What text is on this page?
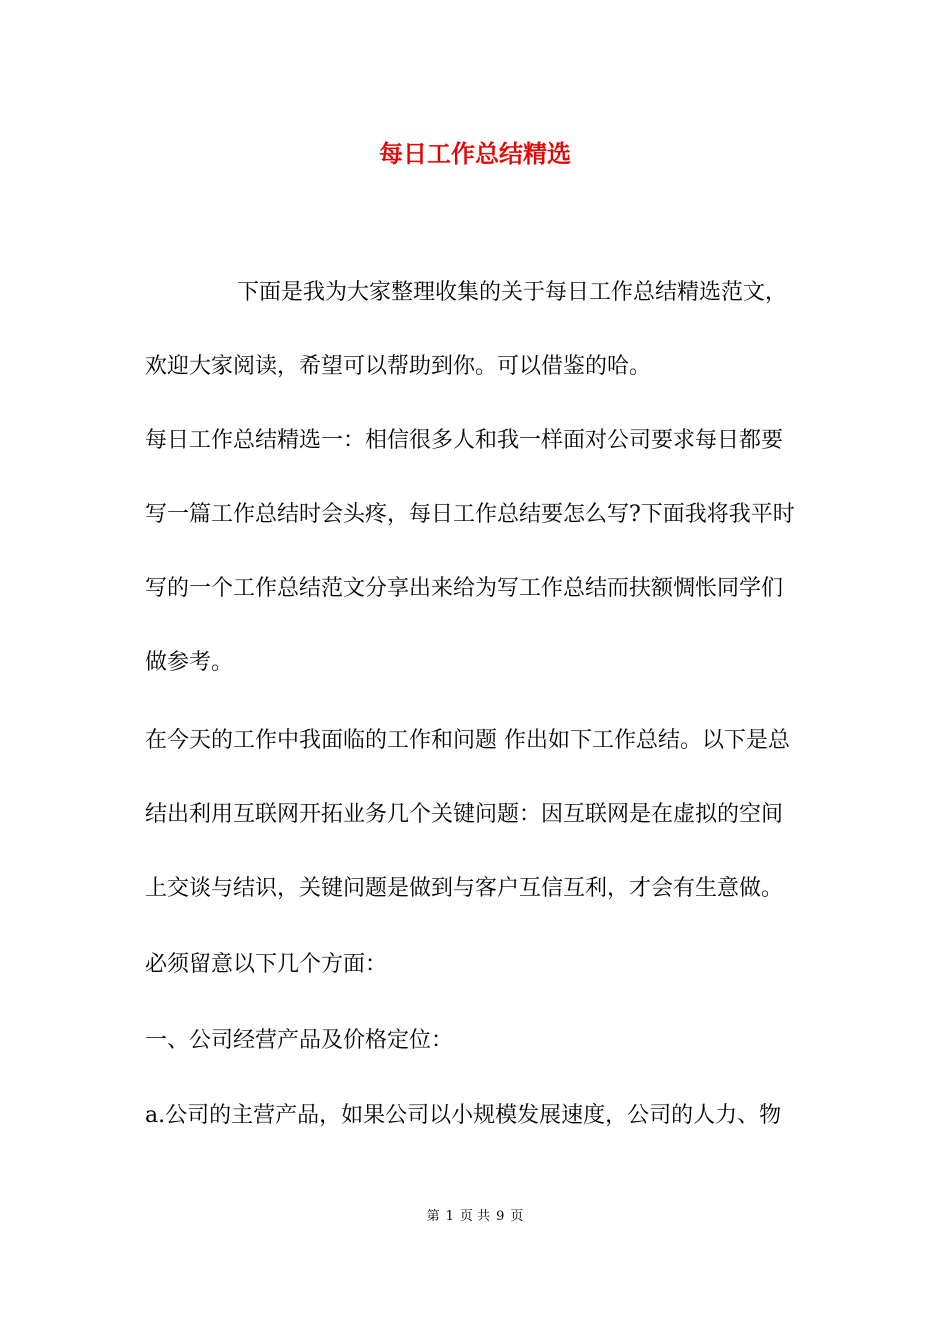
每日工作总结精选
下面是我为大家整理收集的关于每日工作总结精选范文，
欢迎大家阅读，希望可以帮助到你。可以借鉴的哈。
每日工作总结精选一：相信很多人和我一样面对公司要求每日都要
写一篇工作总结时会头疼，每日工作总结要怎么写?下面我将我平时
写的一个工作总结范文分享出来给为写工作总结而扶额惆怅同学们
做参考。
在今天的工作中我面临的工作和问题 作出如下工作总结。以下是总
结出利用互联网开拓业务几个关键问题：因互联网是在虚拟的空间
上交谈与结识，关键问题是做到与客户互信互利，才会有生意做。
必须留意以下几个方面：
一、公司经营产品及价格定位：
a.公司的主营产品，如果公司以小规模发展速度，公司的人力、物
第 1 页 共 9 页
